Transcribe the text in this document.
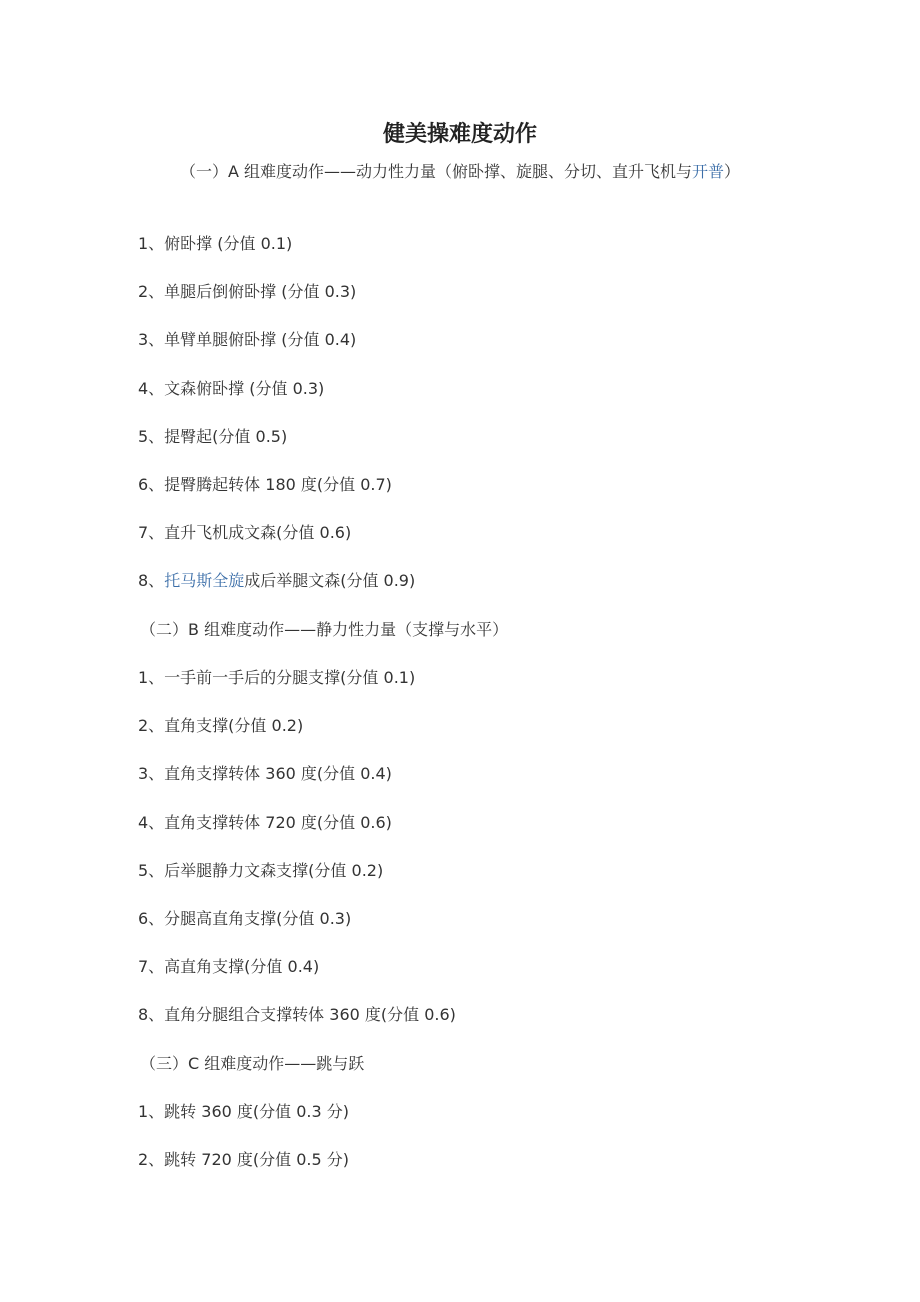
健美操难度动作
（一）A 组难度动作——动力性力量（俯卧撑、旋腿、分切、直升飞机与开普）
1、俯卧撑 (分值 0.1)
2、单腿后倒俯卧撑 (分值 0.3)
3、单臂单腿俯卧撑 (分值 0.4)
4、文森俯卧撑 (分值 0.3)
5、提臀起(分值 0.5)
6、提臀腾起转体 180 度(分值 0.7)
7、直升飞机成文森(分值 0.6)
8、托马斯全旋成后举腿文森(分值 0.9)
（二）B 组难度动作——静力性力量（支撑与水平）
1、一手前一手后的分腿支撑(分值 0.1)
2、直角支撑(分值 0.2)
3、直角支撑转体 360 度(分值 0.4)
4、直角支撑转体 720 度(分值 0.6)
5、后举腿静力文森支撑(分值 0.2)
6、分腿高直角支撑(分值 0.3)
7、高直角支撑(分值 0.4)
8、直角分腿组合支撑转体 360 度(分值 0.6)
（三）C 组难度动作——跳与跃
1、跳转 360 度(分值 0.3 分)
2、跳转 720 度(分值 0.5 分)
